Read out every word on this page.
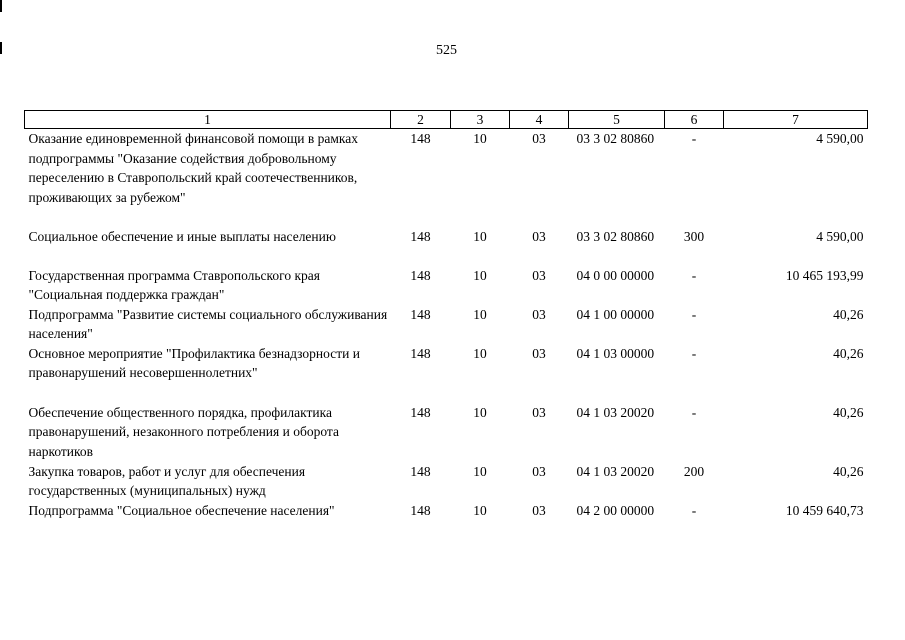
525
1	2	3	4	5	6	7
Оказание единовременной финансовой помощи в рамках подпрограммы "Оказание содействия добровольному переселению в Ставропольский край соотечественников, проживающих за рубежом"	148	10	03	03 3 02 80860	-	4 590,00
Социальное обеспечение и иные выплаты населению	148	10	03	03 3 02 80860	300	4 590,00
Государственная программа Ставропольского края "Социальная поддержка граждан"	148	10	03	04 0 00 00000	-	10 465 193,99
Подпрограмма "Развитие системы социального обслуживания населения"	148	10	03	04 1 00 00000	-	40,26
Основное мероприятие "Профилактика безнадзорности и правонарушений несовершеннолетних"	148	10	03	04 1 03 00000	-	40,26
Обеспечение общественного порядка, профилактика правонарушений, незаконного потребления и оборота наркотиков	148	10	03	04 1 03 20020	-	40,26
Закупка товаров, работ и услуг для обеспечения государственных (муниципальных) нужд	148	10	03	04 1 03 20020	200	40,26
Подпрограмма "Социальное обеспечение населения"	148	10	03	04 2 00 00000	-	10 459 640,73
